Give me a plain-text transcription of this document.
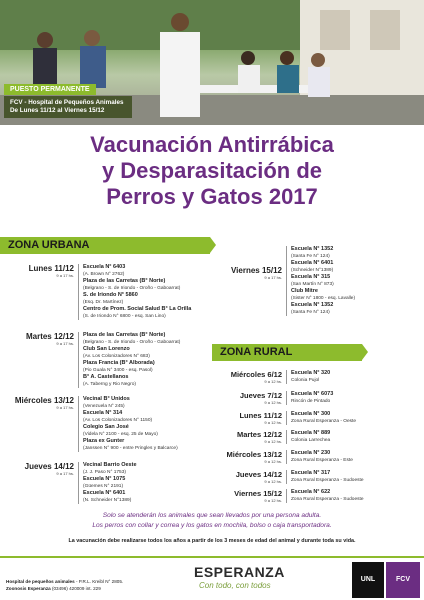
PUESTO PERMANENTE
FCV - Hospital de Pequeños Animales
De Lunes 11/12 al Viernes 15/12
Vacunación Antirrábica
y Desparasitación de
Perros y Gatos 2017
ZONA URBANA
Lunes 11/12
9 a 17 hs.
Escuela N° 6403
(A. Brown N° 2762)
Plaza de las Carretas (B° Norte)
(Belgrano - S. de Iriondo - Oroño - Gaboarrat)
S. de Iriondo N° 5860
(Esq. Dr. Martínez)
Centro de Prom. Social Salud B° La Orilla
(S. de Iriondo N° 6800 - esq. San Lino)
Martes 12/12
9 a 17 hs.
Plaza de las Carretas (B° Norte)
(Belgrano - S. de Iriondo - Oroño - Gaboarrat)
Club San Lorenzo
(Av. Los Colonizadores N° 683)
Plaza Francia (B° Alborada)
(Pio Guala N° 3400 - esq. Pasol)
B° A. Castellanos
(A. Taberng y Rio Negro)
Miércoles 13/12
9 a 17 hs.
Vecinal B° Unidos
(Venezuela N° 245)
Escuela N° 314
(Av. Los Colonizadores N° 1150)
Colegio San José
(Videla N° 2100 - esq. 25 de Mayo)
Plaza ex Gunter
(Janssen N° 900 - entre Pringles y Balcarce)
Jueves 14/12
9 a 17 hs.
Vecinal Barrio Oeste
(J. J. Paso N° 1753)
Escuela N° 1075
(Güemes N° 2191)
Escuela N° 6401
(N. Schneider N°1389)
Viernes 15/12
9 a 17 hs.
Escuela N° 1352
(Santa Fe N° 124)
Escuela N° 6401
(Schneider N°1389)
Escuela N° 315
(San Martín N° 873)
Club Mitre
(Sister N° 1800 - esq. Lavalle)
Escuela N° 1352
(Santa Fe N° 124)
ZONA RURAL
Miércoles 6/12
9 a 12 hs.
Escuela N° 320
Colonia Pujol
Jueves 7/12
9 a 12 hs.
Escuela N° 6073
Rincón de Pintado
Lunes 11/12
9 a 12 hs.
Escuela N° 300
Zona Rural Esperanza - Oeste
Martes 12/12
9 a 12 hs.
Escuela N° 889
Colonia Larrechea
Miércoles 13/12
9 a 12 hs.
Escuela N° 230
Zona Rural Esperanza - Este
Jueves 14/12
9 a 12 hs.
Escuela N° 317
Zona Rural Esperanza - Sudoeste
Viernes 15/12
9 a 12 hs.
Escuela N° 622
Zona Rural Esperanza - Sudoeste
Solo se atenderán los animales que sean llevados por una persona adulta.
Los perros con collar y correa y los gatos en mochila, bolso o caja transportadora.
La vacunación debe realizarse todos los años a partir de los 3 meses de edad del animal y durante toda su vida.
Hospital de pequeños animales - P.R.L. Kreibl N° 2805.
Zoonosis Esperanza (03496) 420009 int. 229
ESPERANZA
Con todo, con todos
UNL	FCV
